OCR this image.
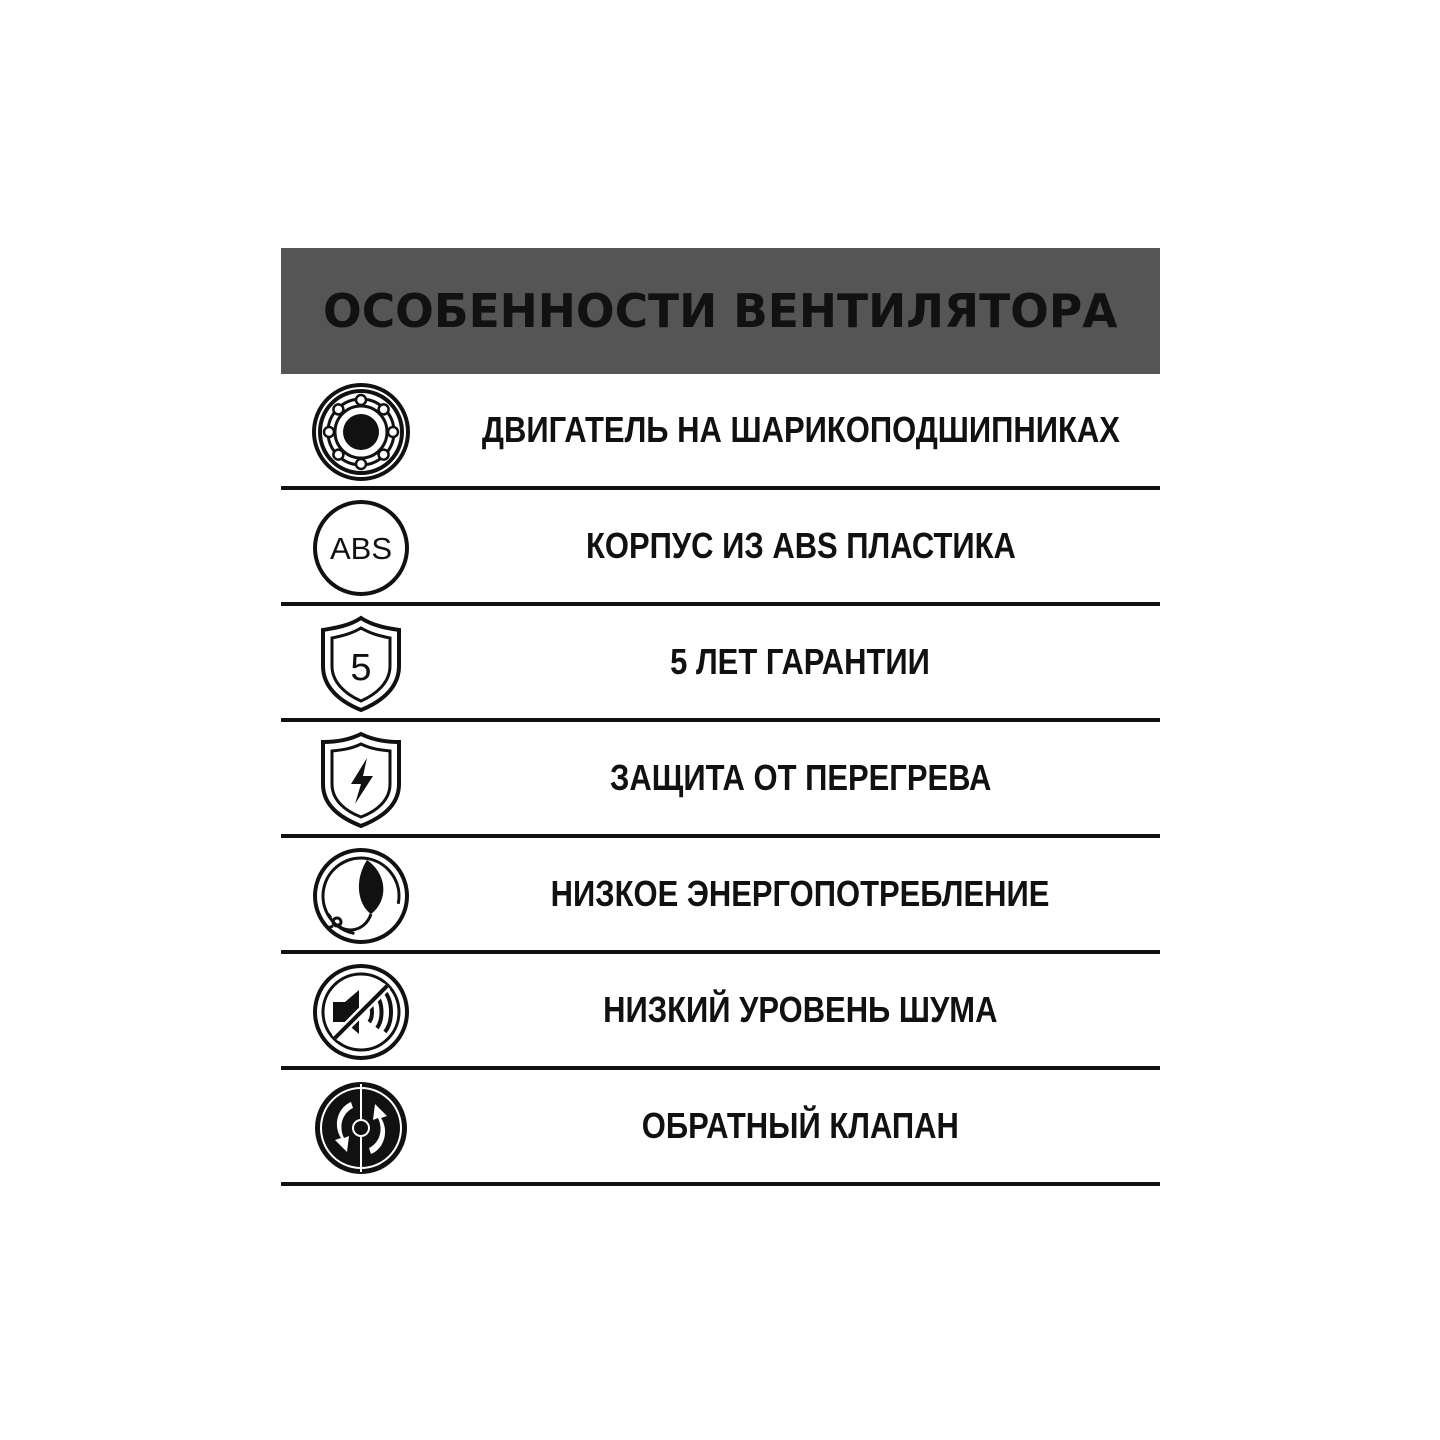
ОСОБЕННОСТИ ВЕНТИЛЯТОРА
ДВИГАТЕЛЬ НА ШАРИКОПОДШИПНИКАХ
ABS	КОРПУС ИЗ ABS ПЛАСТИКА
5	5 ЛЕТ ГАРАНТИИ
ЗАЩИТА ОТ ПЕРЕГРЕВА
НИЗКОЕ ЭНЕРГОПОТРЕБЛЕНИЕ
НИЗКИЙ УРОВЕНЬ ШУМА
ОБРАТНЫЙ КЛАПАН
